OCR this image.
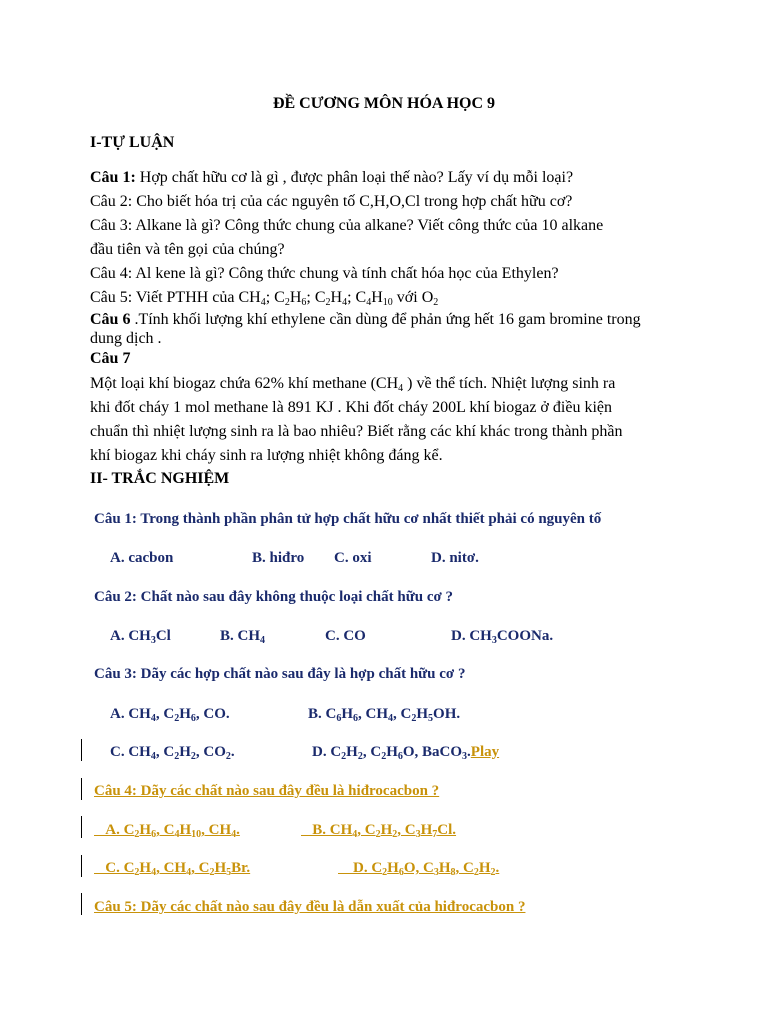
ĐỀ CƯƠNG MÔN HÓA HỌC 9
I-TỰ LUẬN
Câu 1: Hợp chất hữu cơ là gì , được phân loại thế nào? Lấy ví dụ mỗi loại?
Câu 2: Cho biết hóa trị của các nguyên tố C,H,O,Cl trong hợp chất hữu cơ?
Câu 3: Alkane là gì? Công thức chung của alkane? Viết công thức của 10 alkane
đầu tiên và tên gọi của chúng?
Câu 4: Al kene là gì? Công thức chung và tính chất hóa học của Ethylen?
Câu 5: Viết PTHH của $CH_4$; $C_2H_6$; $C_2H_4$; $C_4H_{10}$ với $O_2$
Câu 6 .Tính khối lượng khí ethylene cần dùng để phản ứng hết 16 gam bromine trong
dung dịch .
Câu 7
Một loại khí biogaz chứa 62% khí methane ($CH_4$ ) về thể tích. Nhiệt lượng sinh ra
khi đốt cháy 1 mol methane là 891 KJ . Khi đốt cháy 200L khí biogaz ở điều kiện
chuẩn thì nhiệt lượng sinh ra là bao nhiêu? Biết rằng các khí khác trong thành phần
khí biogaz khi cháy sinh ra lượng nhiệt không đáng kể.
II- TRẮC NGHIỆM
Câu 1: Trong thành phần phân tử hợp chất hữu cơ nhất thiết phải có nguyên tố
A. cacbon	B. hiđro C. oxi	D. nitơ.
Câu 2: Chất nào sau đây không thuộc loại chất hữu cơ ?
A. $CH_3Cl$	B. $CH_4$	C. CO	D. $CH_3COONa$.
Câu 3: Dãy các hợp chất nào sau đây là hợp chất hữu cơ ?
A. $CH_4$, $C_2H_6$, CO.	B. $C_6H_6$, $CH_4$, $C_2H_5OH$.
C. $CH_4$, $C_2H_2$, $CO_2$.	D. $C_2H_2$, $C_2H_6O$, BaCO$_3$.Play
Câu 4: Dãy các chất nào sau đây đều là hiđrocacbon ?
A. $C_2H_6$, $C_4H_{10}$, $CH_4$.	B. $CH_4$, $C_2H_2$, $C_3H_7Cl$.
C. $C_2H_4$, $CH_4$, $C_2H_5Br$.	D. $C_2H_6O$, $C_3H_8$, $C_2H_2$.
Câu 5: Dãy các chất nào sau đây đều là dẫn xuất của hiđrocacbon ?
